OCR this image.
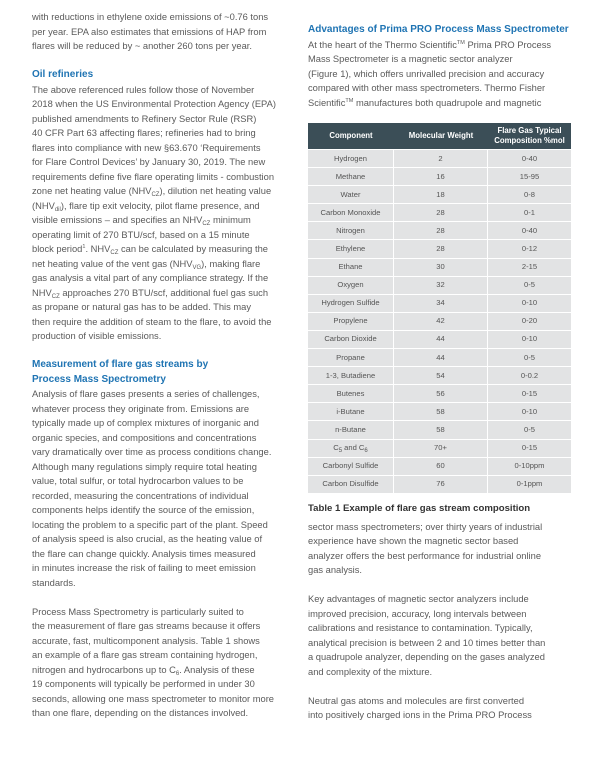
with reductions in ethylene oxide emissions of ~0.76 tons

per year. EPA also estimates that emissions of HAP from

flares will be reduced by ~ another 260 tons per year.

Oil refineries

The above referenced rules follow those of November

2018 when the US Environmental Protection Agency (EPA)

published amendments to Refinery Sector Rule (RSR)

40 CFR Part 63 affecting flares; refineries had to bring

flares into compliance with new §63.670 ‘Requirements

for Flare Control Devices’ by January 30, 2019. The new

requirements define five flare operating limits - combustion

zone net heating value $(NHV_{CZ})$, dilution net heating value

$(NHV_{dil})$, flare tip exit velocity, pilot flame presence, and

visible emissions – and specifies an $NHV_{CZ}$ minimum

operating limit of 270 BTU/scf, based on a 15 minute

block period$^1$. $NHV_{CZ}$ can be calculated by measuring the

net heating value of the vent gas $(NHV_{VG})$, making flare

gas analysis a vital part of any compliance strategy. If the

$NHV_{CZ}$ approaches 270 BTU/scf, additional fuel gas such

as propane or natural gas has to be added. This may

then require the addition of steam to the flare, to avoid the

production of visible emissions.

Measurement of flare gas streams by
Process Mass Spectrometry

Analysis of flare gases presents a series of challenges,

whatever process they originate from. Emissions are

typically made up of complex mixtures of inorganic and

organic species, and compositions and concentrations

vary dramatically over time as process conditions change.

Although many regulations simply require total heating

value, total sulfur, or total hydrocarbon values to be

recorded, measuring the concentrations of individual

components helps identify the source of the emission,

locating the problem to a specific part of the plant. Speed

of analysis speed is also crucial, as the heating value of

the flare can change quickly. Analysis times measured

in minutes increase the risk of failing to meet emission

standards.

Process Mass Spectrometry is particularly suited to

the measurement of flare gas streams because it offers

accurate, fast, multicomponent analysis. Table 1 shows

an example of a flare gas stream containing hydrogen,

nitrogen and hydrocarbons up to $C_6$. Analysis of these

19 components will typically be performed in under 30

seconds, allowing one mass spectrometer to monitor more

than one flare, depending on the distances involved.

Advantages of Prima PRO Process Mass Spectrometer

At the heart of the Thermo Scientific™ Prima PRO Process

Mass Spectrometer is a magnetic sector analyzer

(Figure 1), which offers unrivalled precision and accuracy

compared with other mass spectrometers. Thermo Fisher

Scientific™ manufactures both quadrupole and magnetic

Component	Molecular Weight	Flare Gas Typical Composition %mol
Hydrogen	2	0-40
Methane	16	15-95
Water	18	0-8
Carbon Monoxide	28	0-1
Nitrogen	28	0-40
Ethylene	28	0-12
Ethane	30	2-15
Oxygen	32	0-5
Hydrogen Sulfide	34	0-10
Propylene	42	0-20
Carbon Dioxide	44	0-10
Propane	44	0-5
1-3, Butadiene	54	0-0.2
Butenes	56	0-15
i-Butane	58	0-10
n-Butane	58	0-5
$C_5$ and $C_6$	70+	0-15
Carbonyl Sulfide	60	0-10ppm
Carbon Disulfide	76	0-1ppm
Table 1 Example of flare gas stream composition

sector mass spectrometers; over thirty years of industrial

experience have shown the magnetic sector based

analyzer offers the best performance for industrial online

gas analysis.

Key advantages of magnetic sector analyzers include

improved precision, accuracy, long intervals between

calibrations and resistance to contamination. Typically,

analytical precision is between 2 and 10 times better than

a quadrupole analyzer, depending on the gases analyzed

and complexity of the mixture.

Neutral gas atoms and molecules are first converted

into positively charged ions in the Prima PRO Process
